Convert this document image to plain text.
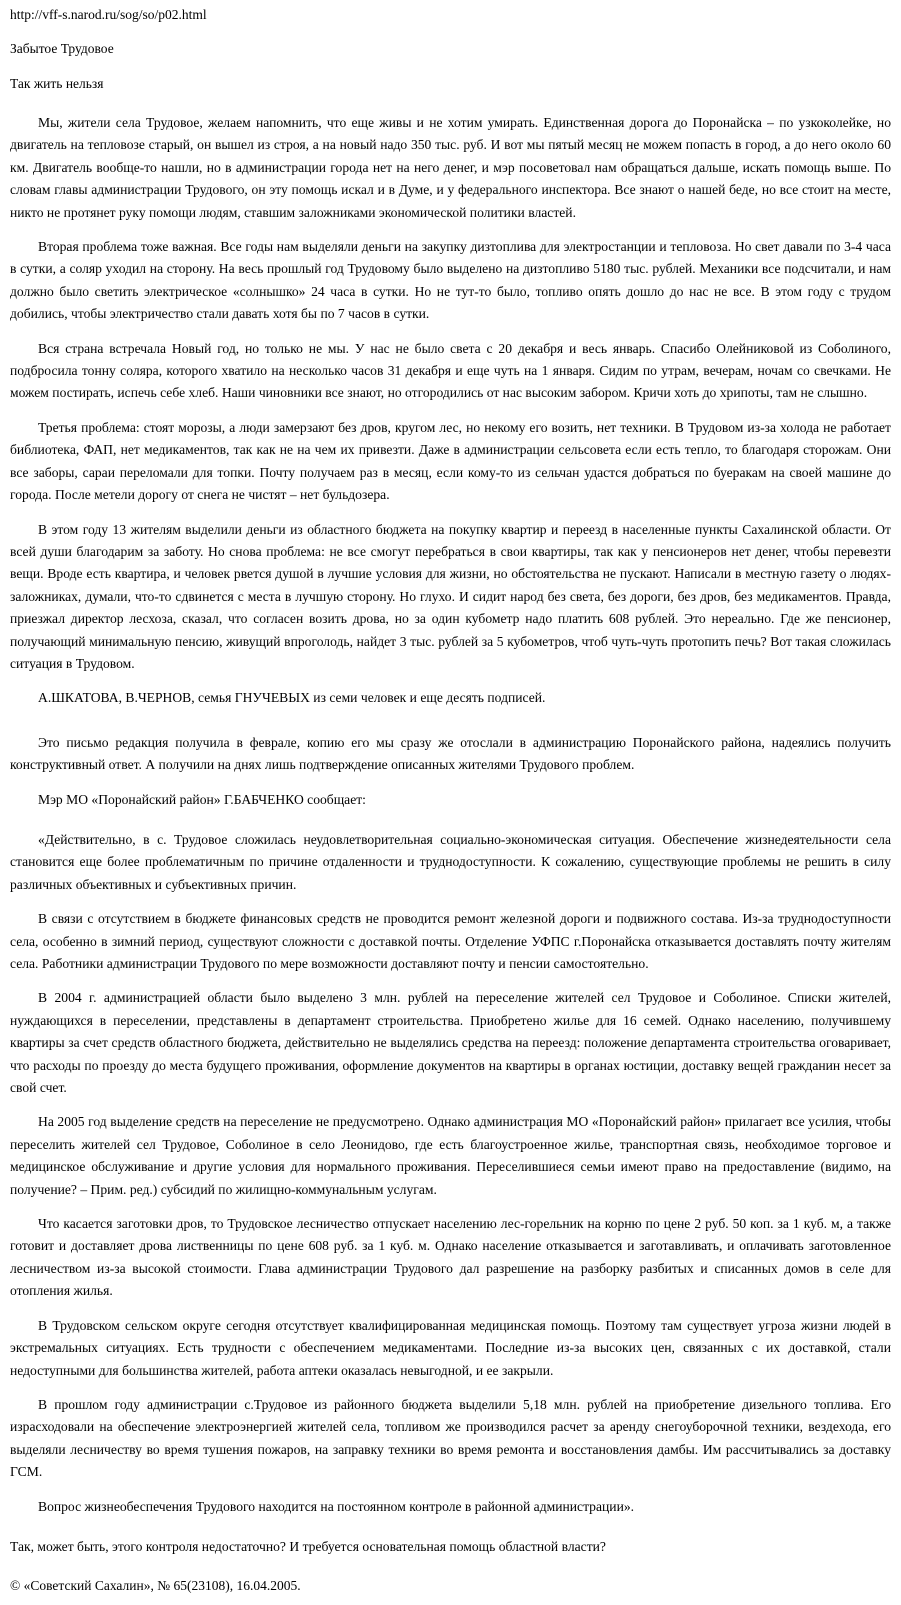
http://vff-s.narod.ru/sog/so/p02.html
Забытое Трудовое
Так жить нельзя

Мы, жители села Трудовое, желаем напомнить, что еще живы и не хотим умирать. Единственная дорога до Поронайска – по узкоколейке, но двигатель на тепловозе старый, он вышел из строя, а на новый надо 350 тыс. руб. И вот мы пятый месяц не можем попасть в город, а до него около 60 км. Двигатель вообще-то нашли, но в администрации города нет на него денег, и мэр посоветовал нам обращаться дальше, искать помощь выше. По словам главы администрации Трудового, он эту помощь искал и в Думе, и у федерального инспектора. Все знают о нашей беде, но все стоит на месте, никто не протянет руку помощи людям, ставшим заложниками экономической политики властей.

Вторая проблема тоже важная. Все годы нам выделяли деньги на закупку дизтоплива для электростанции и тепловоза. Но свет давали по 3-4 часа в сутки, а соляр уходил на сторону. На весь прошлый год Трудовому было выделено на дизтопливо 5180 тыс. рублей. Механики все подсчитали, и нам должно было светить электрическое «солнышко» 24 часа в сутки. Но не тут-то было, топливо опять дошло до нас не все. В этом году с трудом добились, чтобы электричество стали давать хотя бы по 7 часов в сутки.

Вся страна встречала Новый год, но только не мы. У нас не было света с 20 декабря и весь январь. Спасибо Олейниковой из Соболиного, подбросила тонну соляра, которого хватило на несколько часов 31 декабря и еще чуть на 1 января. Сидим по утрам, вечерам, ночам со свечками. Не можем постирать, испечь себе хлеб. Наши чиновники все знают, но отгородились от нас высоким забором. Кричи хоть до хрипоты, там не слышно.

Третья проблема: стоят морозы, а люди замерзают без дров, кругом лес, но некому его возить, нет техники. В Трудовом из-за холода не работает библиотека, ФАП, нет медикаментов, так как не на чем их привезти. Даже в администрации сельсовета если есть тепло, то благодаря сторожам. Они все заборы, сараи переломали для топки. Почту получаем раз в месяц, если кому-то из сельчан удастся добраться по буеракам на своей машине до города. После метели дорогу от снега не чистят – нет бульдозера.

В этом году 13 жителям выделили деньги из областного бюджета на покупку квартир и переезд в населенные пункты Сахалинской области. От всей души благодарим за заботу. Но снова проблема: не все смогут перебраться в свои квартиры, так как у пенсионеров нет денег, чтобы перевезти вещи. Вроде есть квартира, и человек рвется душой в лучшие условия для жизни, но обстоятельства не пускают. Написали в местную газету о людях-заложниках, думали, что-то сдвинется с места в лучшую сторону. Но глухо. И сидит народ без света, без дороги, без дров, без медикаментов. Правда, приезжал директор лесхоза, сказал, что согласен возить дрова, но за один кубометр надо платить 608 рублей. Это нереально. Где же пенсионер, получающий минимальную пенсию, живущий впроголодь, найдет 3 тыс. рублей за 5 кубометров, чтоб чуть-чуть протопить печь? Вот такая сложилась ситуация в Трудовом.

А.ШКАТОВА, В.ЧЕРНОВ, семья ГНУЧЕВЫХ из семи человек и еще десять подписей.

Это письмо редакция получила в феврале, копию его мы сразу же отослали в администрацию Поронайского района, надеялись получить конструктивный ответ. А получили на днях лишь подтверждение описанных жителями Трудового проблем.

Мэр МО «Поронайский район» Г.БАБЧЕНКО сообщает:

«Действительно, в с. Трудовое сложилась неудовлетворительная социально-экономическая ситуация. Обеспечение жизнедеятельности села становится еще более проблематичным по причине отдаленности и труднодоступности. К сожалению, существующие проблемы не решить в силу различных объективных и субъективных причин.

В связи с отсутствием в бюджете финансовых средств не проводится ремонт железной дороги и подвижного состава. Из-за труднодоступности села, особенно в зимний период, существуют сложности с доставкой почты. Отделение УФПС г.Поронайска отказывается доставлять почту жителям села. Работники администрации Трудового по мере возможности доставляют почту и пенсии самостоятельно.

В 2004 г. администрацией области было выделено 3 млн. рублей на переселение жителей сел Трудовое и Соболиное. Списки жителей, нуждающихся в переселении, представлены в департамент строительства. Приобретено жилье для 16 семей. Однако населению, получившему квартиры за счет средств областного бюджета, действительно не выделялись средства на переезд: положение департамента строительства оговаривает, что расходы по проезду до места будущего проживания, оформление документов на квартиры в органах юстиции, доставку вещей гражданин несет за свой счет.

На 2005 год выделение средств на переселение не предусмотрено. Однако администрация МО «Поронайский район» прилагает все усилия, чтобы переселить жителей сел Трудовое, Соболиное в село Леонидово, где есть благоустроенное жилье, транспортная связь, необходимое торговое и медицинское обслуживание и другие условия для нормального проживания. Переселившиеся семьи имеют право на предоставление (видимо, на получение? – Прим. ред.) субсидий по жилищно-коммунальным услугам.

Что касается заготовки дров, то Трудовское лесничество отпускает населению лес-горельник на корню по цене 2 руб. 50 коп. за 1 куб. м, а также готовит и доставляет дрова лиственницы по цене 608 руб. за 1 куб. м. Однако население отказывается и заготавливать, и оплачивать заготовленное лесничеством из-за высокой стоимости. Глава администрации Трудового дал разрешение на разборку разбитых и списанных домов в селе для отопления жилья.

В Трудовском сельском округе сегодня отсутствует квалифицированная медицинская помощь. Поэтому там существует угроза жизни людей в экстремальных ситуациях. Есть трудности с обеспечением медикаментами. Последние из-за высоких цен, связанных с их доставкой, стали недоступными для большинства жителей, работа аптеки оказалась невыгодной, и ее закрыли.

В прошлом году администрации с.Трудовое из районного бюджета выделили 5,18 млн. рублей на приобретение дизельного топлива. Его израсходовали на обеспечение электроэнергией жителей села, топливом же производился расчет за аренду снегоуборочной техники, вездехода, его выделяли лесничеству во время тушения пожаров, на заправку техники во время ремонта и восстановления дамбы. Им рассчитывались за доставку ГСМ.

Вопрос жизнеобеспечения Трудового находится на постоянном контроле в районной администрации».

Так, может быть, этого контроля недостаточно? И требуется основательная помощь областной власти?

© «Советский Сахалин», № 65(23108), 16.04.2005.
